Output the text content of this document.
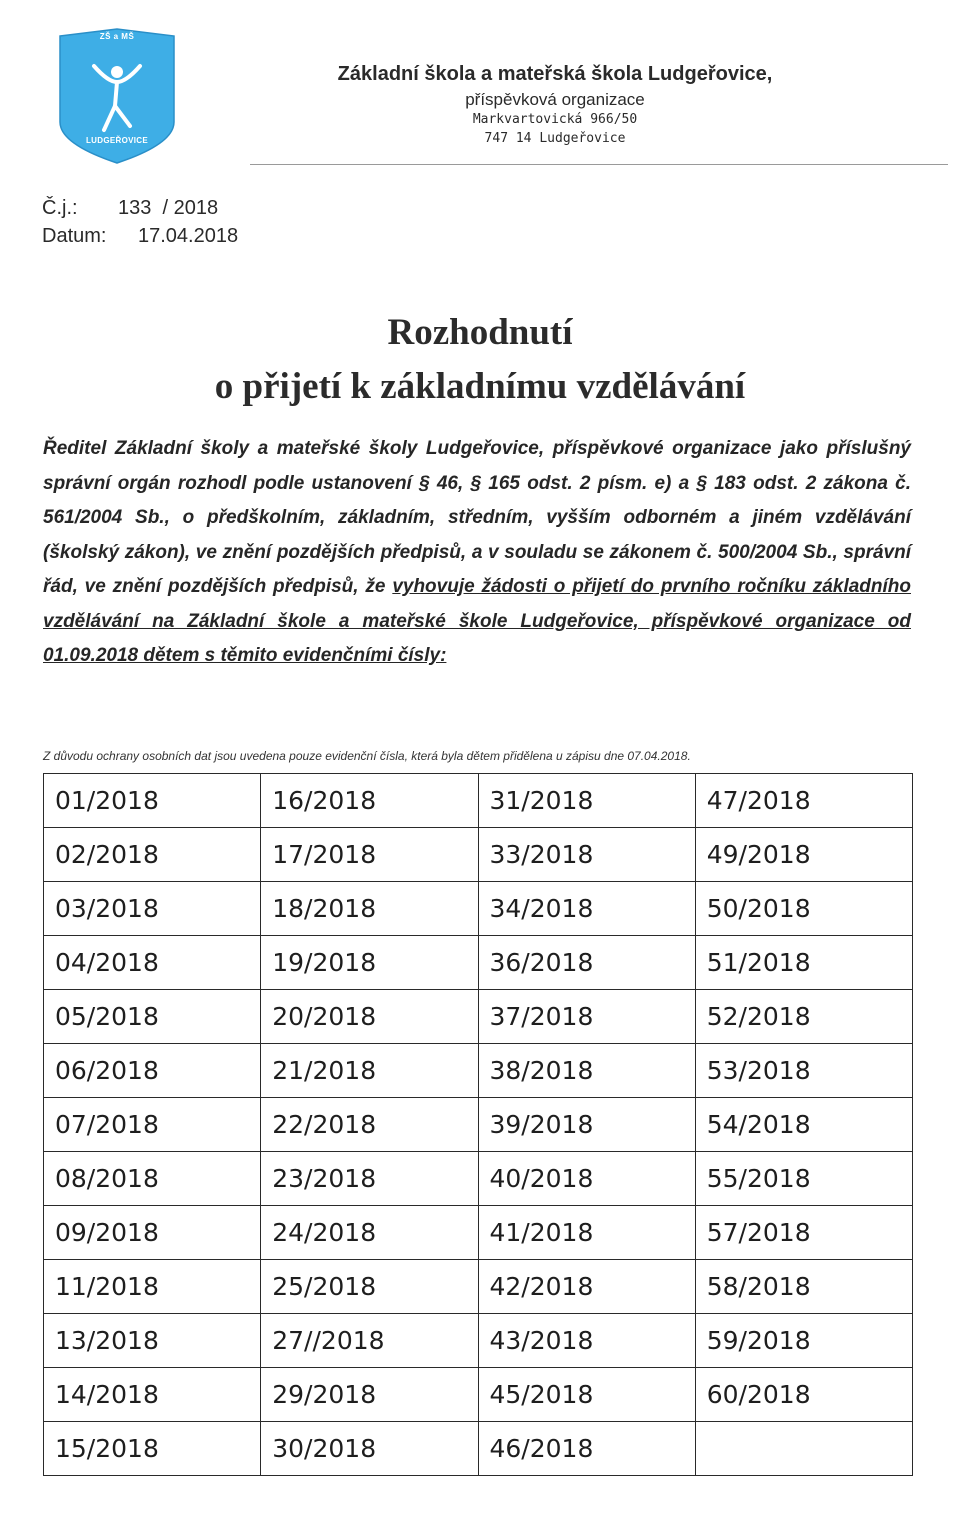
ZŠ a MŠ
LUDGEŘOVICE
Základní škola a mateřská škola Ludgeřovice,
příspěvková organizace
Markvartovická 966/50
747 14 Ludgeřovice
Č.j.:	133  / 2018
Datum:	17.04.2018
Rozhodnutí
o přijetí k základnímu vzdělávání

Ředitel Základní školy a mateřské školy Ludgeřovice, příspěvkové organizace jako příslušný správní orgán rozhodl podle ustanovení § 46, § 165 odst. 2 písm. e) a § 183 odst. 2 zákona č. 561/2004 Sb., o předškolním, základním, středním, vyšším odborném a jiném vzdělávání (školský zákon), ve znění pozdějších předpisů, a v souladu se zákonem č. 500/2004 Sb., správní řád, ve znění pozdějších předpisů, že vyhovuje žádosti o přijetí do prvního ročníku základního vzdělávání na Základní škole a mateřské škole Ludgeřovice, příspěvkové organizace od 01.09.2018 dětem s těmito evidenčními čísly:

Z důvodu ochrany osobních dat jsou uvedena pouze evidenční čísla, která byla dětem přidělena u zápisu dne 07.04.2018.
01/2018	16/2018	31/2018	47/2018
02/2018	17/2018	33/2018	49/2018
03/2018	18/2018	34/2018	50/2018
04/2018	19/2018	36/2018	51/2018
05/2018	20/2018	37/2018	52/2018
06/2018	21/2018	38/2018	53/2018
07/2018	22/2018	39/2018	54/2018
08/2018	23/2018	40/2018	55/2018
09/2018	24/2018	41/2018	57/2018
11/2018	25/2018	42/2018	58/2018
13/2018	27//2018	43/2018	59/2018
14/2018	29/2018	45/2018	60/2018
15/2018	30/2018	46/2018	
